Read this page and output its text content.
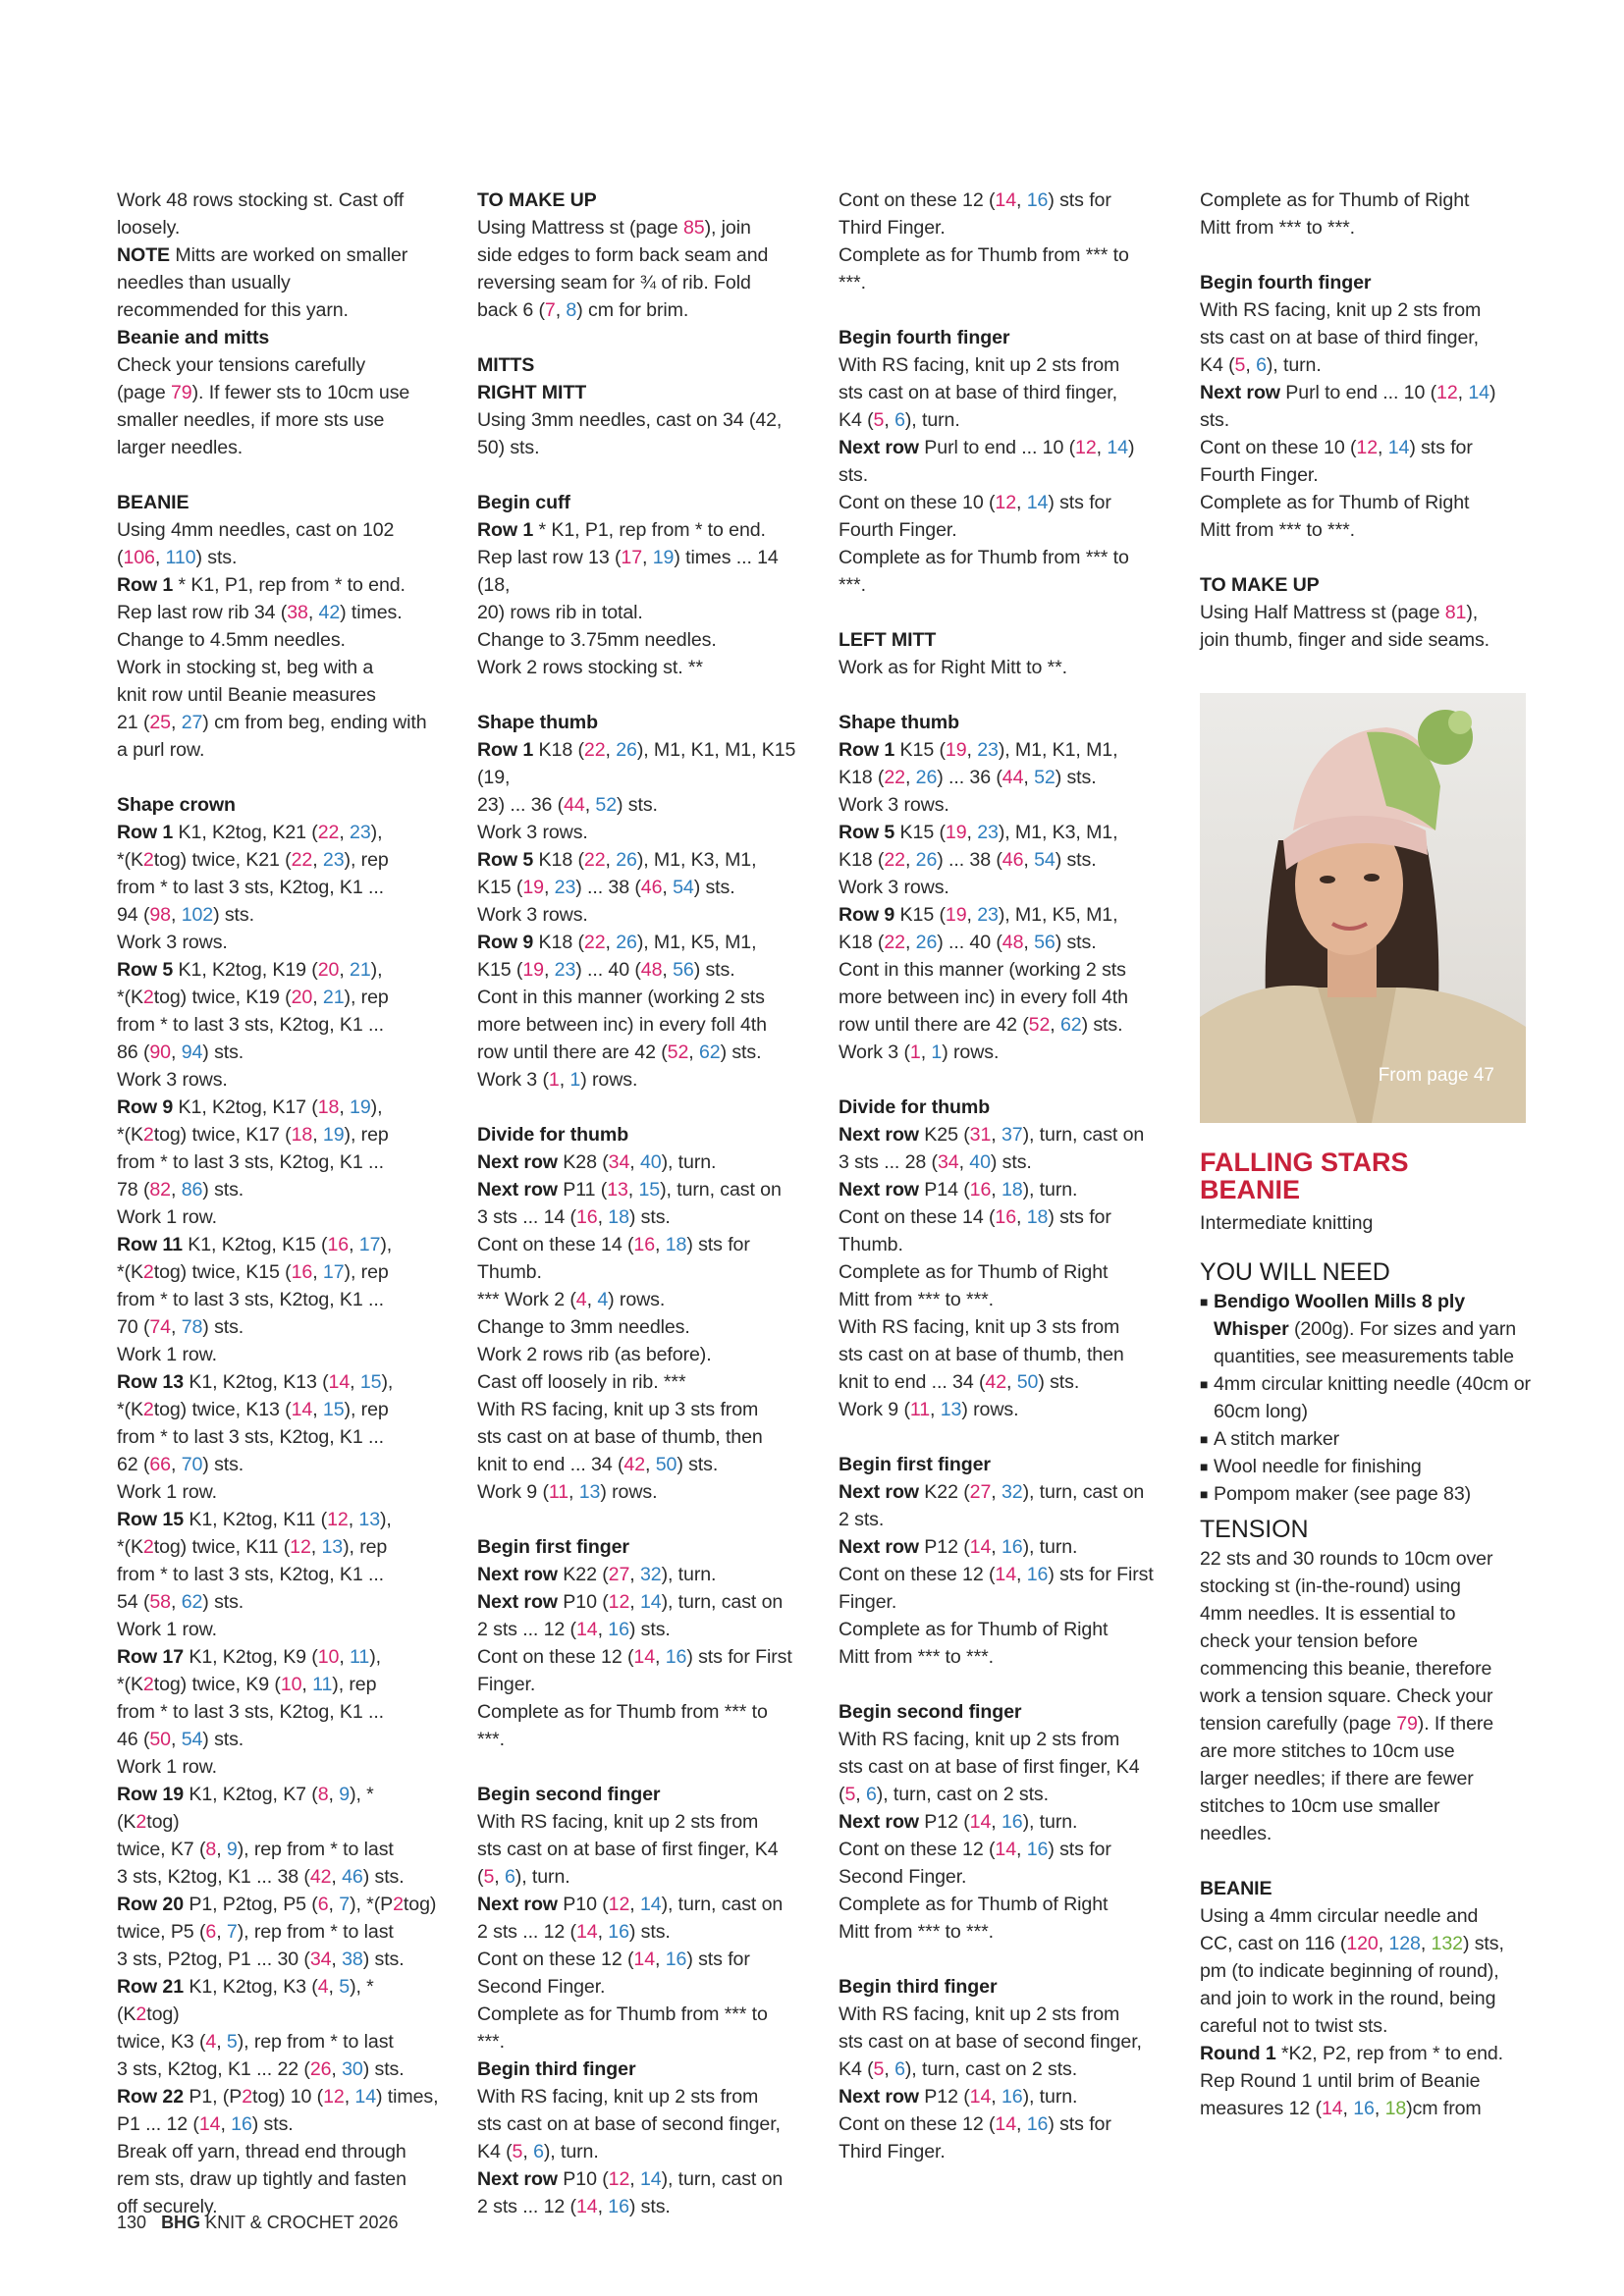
Work 48 rows stocking st. Cast off

loosely.

NOTE Mitts are worked on smaller

needles than usually

recommended for this yarn.

Beanie and mitts

Check your tensions carefully

(page 79). If fewer sts to 10cm use

smaller needles, if more sts use

larger needles.

BEANIE

Using 4mm needles, cast on 102

(106, 110) sts.

Row 1 * K1, P1, rep from * to end.

Rep last row rib 34 (38, 42) times.

Change to 4.5mm needles.

Work in stocking st, beg with a

knit row until Beanie measures

21 (25, 27) cm from beg, ending with

a purl row.

Shape crown

Row 1 K1, K2tog, K21 (22, 23),

*(K2tog) twice, K21 (22, 23), rep

from * to last 3 sts, K2tog, K1 ...

94 (98, 102) sts.

Work 3 rows.

Row 5 K1, K2tog, K19 (20, 21),

*(K2tog) twice, K19 (20, 21), rep

from * to last 3 sts, K2tog, K1 ...

86 (90, 94) sts.

Work 3 rows.

Row 9 K1, K2tog, K17 (18, 19),

*(K2tog) twice, K17 (18, 19), rep

from * to last 3 sts, K2tog, K1 ...

78 (82, 86) sts.

Work 1 row.

Row 11 K1, K2tog, K15 (16, 17),

*(K2tog) twice, K15 (16, 17), rep

from * to last 3 sts, K2tog, K1 ...

70 (74, 78) sts.

Work 1 row.

Row 13 K1, K2tog, K13 (14, 15),

*(K2tog) twice, K13 (14, 15), rep

from * to last 3 sts, K2tog, K1 ...

62 (66, 70) sts.

Work 1 row.

Row 15 K1, K2tog, K11 (12, 13),

*(K2tog) twice, K11 (12, 13), rep

from * to last 3 sts, K2tog, K1 ...

54 (58, 62) sts.

Work 1 row.

Row 17 K1, K2tog, K9 (10, 11),

*(K2tog) twice, K9 (10, 11), rep

from * to last 3 sts, K2tog, K1 ...

46 (50, 54) sts.

Work 1 row.

Row 19 K1, K2tog, K7 (8, 9), * (K2tog)

twice, K7 (8, 9), rep from * to last

3 sts, K2tog, K1 ... 38 (42, 46) sts.

Row 20 P1, P2tog, P5 (6, 7), *(P2tog)

twice, P5 (6, 7), rep from * to last

3 sts, P2tog, P1 ... 30 (34, 38) sts.

Row 21 K1, K2tog, K3 (4, 5), * (K2tog)

twice, K3 (4, 5), rep from * to last

3 sts, K2tog, K1 ... 22 (26, 30) sts.

Row 22 P1, (P2tog) 10 (12, 14) times,

P1 ... 12 (14, 16) sts.

Break off yarn, thread end through

rem sts, draw up tightly and fasten

off securely.

TO MAKE UP

Using Mattress st (page 85), join

side edges to form back seam and

reversing seam for ¾ of rib. Fold

back 6 (7, 8) cm for brim.

MITTS

RIGHT MITT

Using 3mm needles, cast on 34 (42,

50) sts.

Begin cuff

Row 1 * K1, P1, rep from * to end.

Rep last row 13 (17, 19) times ... 14 (18,

20) rows rib in total.

Change to 3.75mm needles.

Work 2 rows stocking st. **

Shape thumb

Row 1 K18 (22, 26), M1, K1, M1, K15 (19,

23) ... 36 (44, 52) sts.

Work 3 rows.

Row 5 K18 (22, 26), M1, K3, M1,

K15 (19, 23) ... 38 (46, 54) sts.

Work 3 rows.

Row 9 K18 (22, 26), M1, K5, M1,

K15 (19, 23) ... 40 (48, 56) sts.

Cont in this manner (working 2 sts

more between inc) in every foll 4th

row until there are 42 (52, 62) sts.

Work 3 (1, 1) rows.

Divide for thumb

Next row K28 (34, 40), turn.

Next row P11 (13, 15), turn, cast on

3 sts ... 14 (16, 18) sts.

Cont on these 14 (16, 18) sts for

Thumb.

*** Work 2 (4, 4) rows.

Change to 3mm needles.

Work 2 rows rib (as before).

Cast off loosely in rib. ***

With RS facing, knit up 3 sts from

sts cast on at base of thumb, then

knit to end ... 34 (42, 50) sts.

Work 9 (11, 13) rows.

Begin first finger

Next row K22 (27, 32), turn.

Next row P10 (12, 14), turn, cast on

2 sts ... 12 (14, 16) sts.

Cont on these 12 (14, 16) sts for First

Finger.

Complete as for Thumb from *** to

***.

Begin second finger

With RS facing, knit up 2 sts from

sts cast on at base of first finger, K4

(5, 6), turn.

Next row P10 (12, 14), turn, cast on

2 sts ... 12 (14, 16) sts.

Cont on these 12 (14, 16) sts for

Second Finger.

Complete as for Thumb from *** to

***.

Begin third finger

With RS facing, knit up 2 sts from

sts cast on at base of second finger,

K4 (5, 6), turn.

Next row P10 (12, 14), turn, cast on

2 sts ... 12 (14, 16) sts.

Cont on these 12 (14, 16) sts for

Third Finger.

Complete as for Thumb from *** to

***.

Begin fourth finger

With RS facing, knit up 2 sts from

sts cast on at base of third finger,

K4 (5, 6), turn.

Next row Purl to end ... 10 (12, 14)

sts.

Cont on these 10 (12, 14) sts for

Fourth Finger.

Complete as for Thumb from *** to

***.

LEFT MITT

Work as for Right Mitt to **.

Shape thumb

Row 1 K15 (19, 23), M1, K1, M1,

K18 (22, 26) ... 36 (44, 52) sts.

Work 3 rows.

Row 5 K15 (19, 23), M1, K3, M1,

K18 (22, 26) ... 38 (46, 54) sts.

Work 3 rows.

Row 9 K15 (19, 23), M1, K5, M1,

K18 (22, 26) ... 40 (48, 56) sts.

Cont in this manner (working 2 sts

more between inc) in every foll 4th

row until there are 42 (52, 62) sts.

Work 3 (1, 1) rows.

Divide for thumb

Next row K25 (31, 37), turn, cast on

3 sts ... 28 (34, 40) sts.

Next row P14 (16, 18), turn.

Cont on these 14 (16, 18) sts for

Thumb.

Complete as for Thumb of Right

Mitt from *** to ***.

With RS facing, knit up 3 sts from

sts cast on at base of thumb, then

knit to end ... 34 (42, 50) sts.

Work 9 (11, 13) rows.

Begin first finger

Next row K22 (27, 32), turn, cast on

2 sts.

Next row P12 (14, 16), turn.

Cont on these 12 (14, 16) sts for First

Finger.

Complete as for Thumb of Right

Mitt from *** to ***.

Begin second finger

With RS facing, knit up 2 sts from

sts cast on at base of first finger, K4

(5, 6), turn, cast on 2 sts.

Next row P12 (14, 16), turn.

Cont on these 12 (14, 16) sts for

Second Finger.

Complete as for Thumb of Right

Mitt from *** to ***.

Begin third finger

With RS facing, knit up 2 sts from

sts cast on at base of second finger,

K4 (5, 6), turn, cast on 2 sts.

Next row P12 (14, 16), turn.

Cont on these 12 (14, 16) sts for

Third Finger.

Complete as for Thumb of Right

Mitt from *** to ***.

Begin fourth finger

With RS facing, knit up 2 sts from

sts cast on at base of third finger,

K4 (5, 6), turn.

Next row Purl to end ... 10 (12, 14)

sts.

Cont on these 10 (12, 14) sts for

Fourth Finger.

Complete as for Thumb of Right

Mitt from *** to ***.

TO MAKE UP

Using Half Mattress st (page 81),

join thumb, finger and side seams.

From page 47
FALLING STARS
BEANIE
Intermediate knitting

YOU WILL NEED

■ Bendigo Woollen Mills 8 ply Whisper (200g). For sizes and yarn quantities, see measurements table

■ 4mm circular knitting needle (40cm or 60cm long)

■ A stitch marker

■ Wool needle for finishing

■ Pompom maker (see page 83)

TENSION

22 sts and 30 rounds to 10cm over

stocking st (in-the-round) using

4mm needles. It is essential to

check your tension before

commencing this beanie, therefore

work a tension square. Check your

tension carefully (page 79). If there

are more stitches to 10cm use

larger needles; if there are fewer

stitches to 10cm use smaller

needles.

BEANIE

Using a 4mm circular needle and

CC, cast on 116 (120, 128, 132) sts,

pm (to indicate beginning of round),

and join to work in the round, being

careful not to twist sts.

Round 1 *K2, P2, rep from * to end.

Rep Round 1 until brim of Beanie

measures 12 (14, 16, 18)cm from

130 BHG KNIT & CROCHET 2026
